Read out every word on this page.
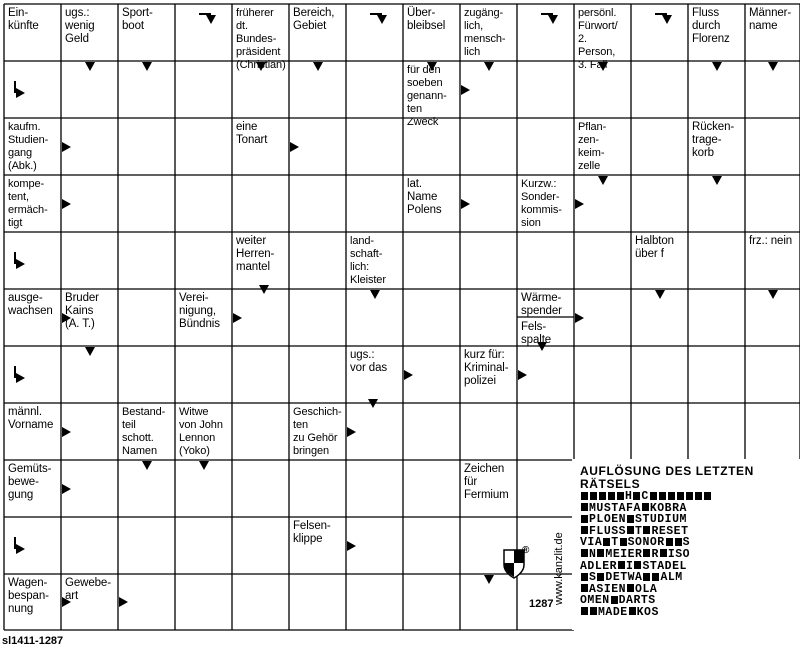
Ein-
künfte
ugs.:
wenig
Geld
Sport-
boot
früherer
dt. Bundes-
präsident
(Christian)
Bereich,
Gebiet
Über-
bleibsel
zugäng-
lich,
mensch-
lich
persönl.
Fürwort/
2. Person,
3. Fall
Fluss
durch
Florenz
Männer-
name
für den
soeben
genann-
ten Zweck
kaufm.
Studien-
gang
(Abk.)
eine
Tonart
Pflan-
zen-
keim-
zelle
Rücken-
trage-
korb
kompe-
tent,
ermäch-
tigt
lat.
Name
Polens
Kurzw.:
Sonder-
kommis-
sion
weiter
Herren-
mantel
land-
schaft-
lich:
Kleister
Halbton
über f
frz.: nein
ausge-
wachsen
Bruder
Kains
(A. T.)
Verei-
nigung,
Bündnis
Wärme-
spender
Fels-
spalte
ugs.:
vor das
kurz für:
Kriminal-
polizei
männl.
Vorname
Bestand-
teil
schott.
Namen
Witwe
von John
Lennon
(Yoko)
Geschich-
ten
zu Gehör
bringen
Gemüts-
bewe-
gung
Zeichen
für
Fermium
Felsen-
klippe
Wagen-
bespan-
nung
Gewebe-
art
AUFLÖSUNG DES LETZTEN RÄTSELS
H C
MUSTAFA KOBRA
PLOEN STUDIUM
FLUSS T RESET
VIA T SONOR S
N MEIER R ISO
ADLER I STADEL
S DETWA ALM
ASIEN OLA
OMEN DARTS
MADE KOS
® www.kanzlit.de
1287
sl1411-1287
